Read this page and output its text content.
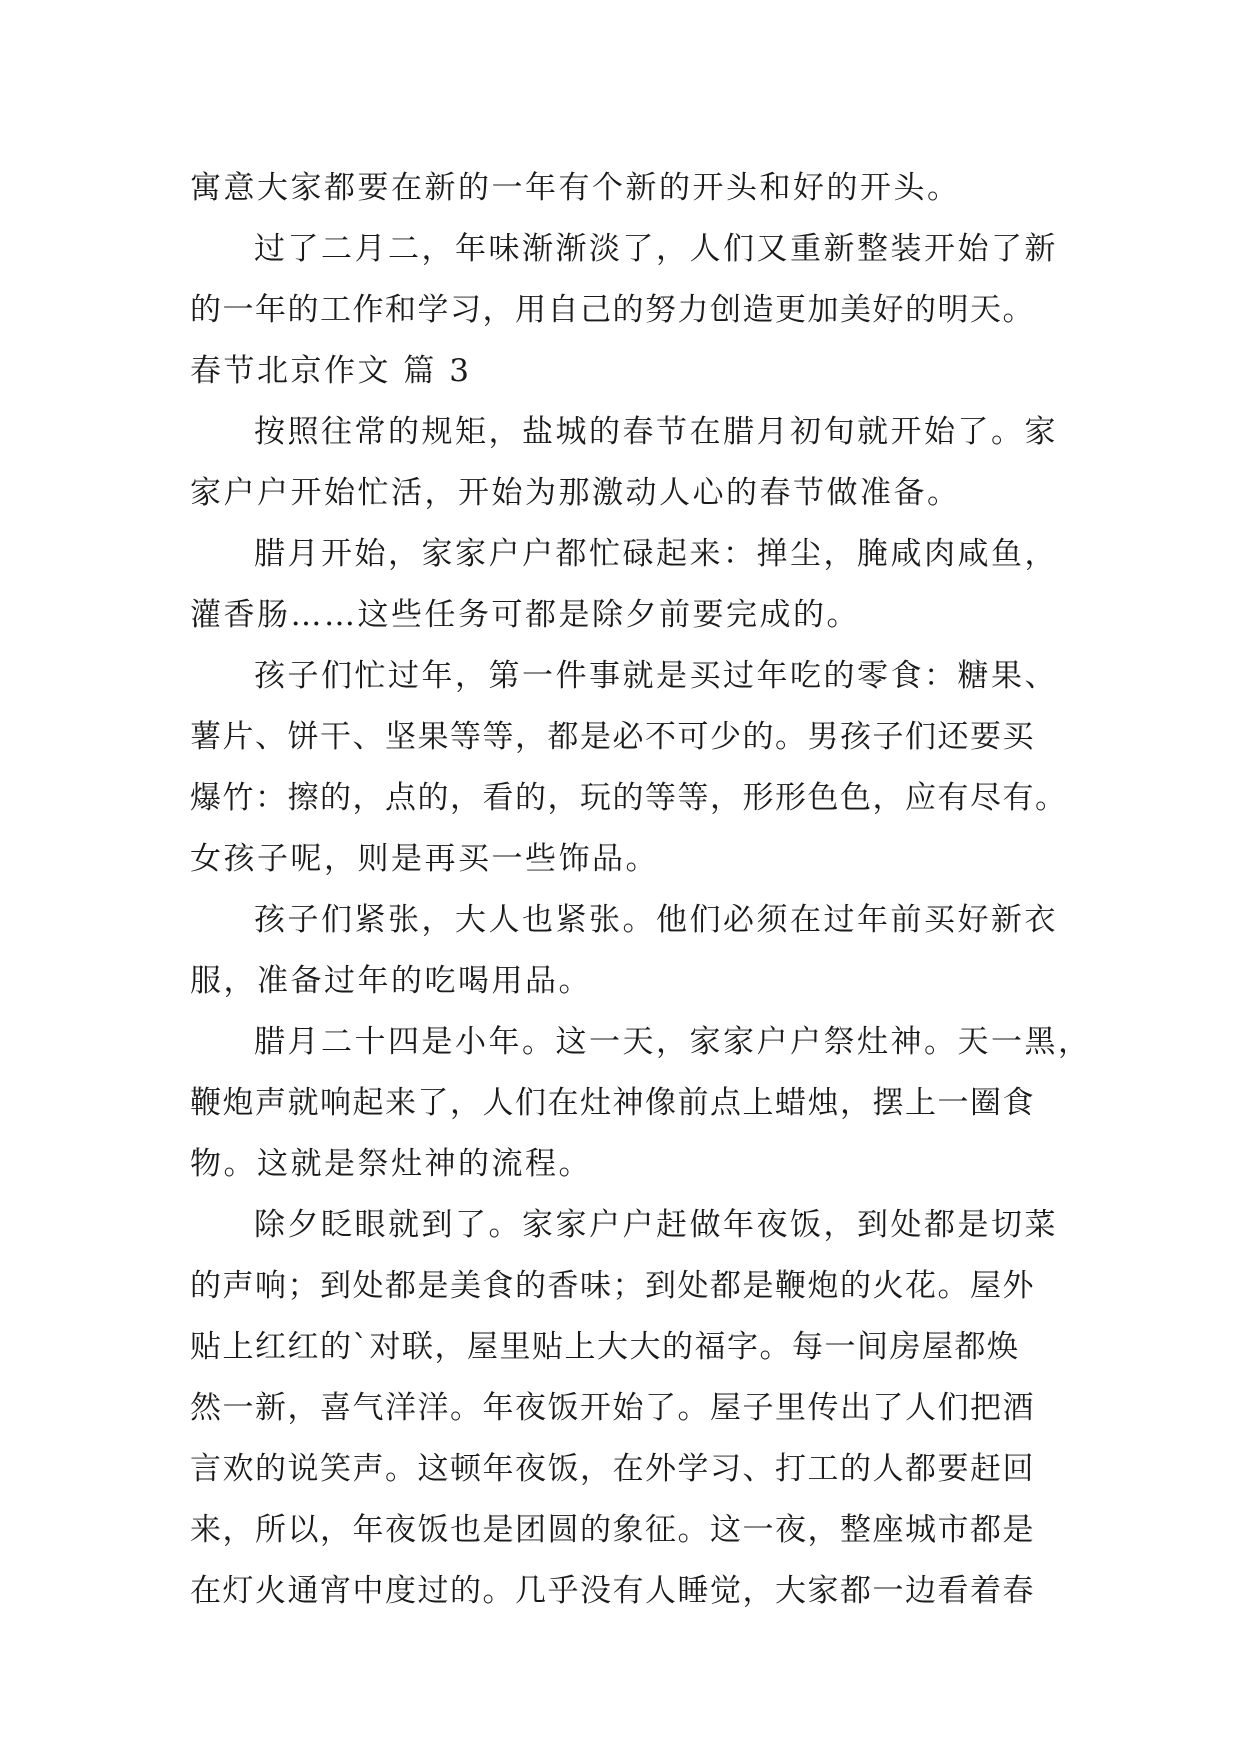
寓意大家都要在新的一年有个新的开头和好的开头。
过了二月二，年味渐渐淡了，人们又重新整装开始了新
的一年的工作和学习，用自己的努力创造更加美好的明天。
春节北京作文 篇 3
按照往常的规矩，盐城的春节在腊月初旬就开始了。家
家户户开始忙活，开始为那激动人心的春节做准备。
腊月开始，家家户户都忙碌起来：掸尘，腌咸肉咸鱼，
灌香肠……这些任务可都是除夕前要完成的。
孩子们忙过年，第一件事就是买过年吃的零食：糖果、
薯片、饼干、坚果等等，都是必不可少的。男孩子们还要买
爆竹：擦的，点的，看的，玩的等等，形形色色，应有尽有。
女孩子呢，则是再买一些饰品。
孩子们紧张，大人也紧张。他们必须在过年前买好新衣
服，准备过年的吃喝用品。
腊月二十四是小年。这一天，家家户户祭灶神。天一黑，
鞭炮声就响起来了，人们在灶神像前点上蜡烛，摆上一圈食
物。这就是祭灶神的流程。
除夕眨眼就到了。家家户户赶做年夜饭，到处都是切菜
的声响；到处都是美食的香味；到处都是鞭炮的火花。屋外
贴上红红的`对联，屋里贴上大大的福字。每一间房屋都焕
然一新，喜气洋洋。年夜饭开始了。屋子里传出了人们把酒
言欢的说笑声。这顿年夜饭，在外学习、打工的人都要赶回
来，所以，年夜饭也是团圆的象征。这一夜，整座城市都是
在灯火通宵中度过的。几乎没有人睡觉，大家都一边看着春
